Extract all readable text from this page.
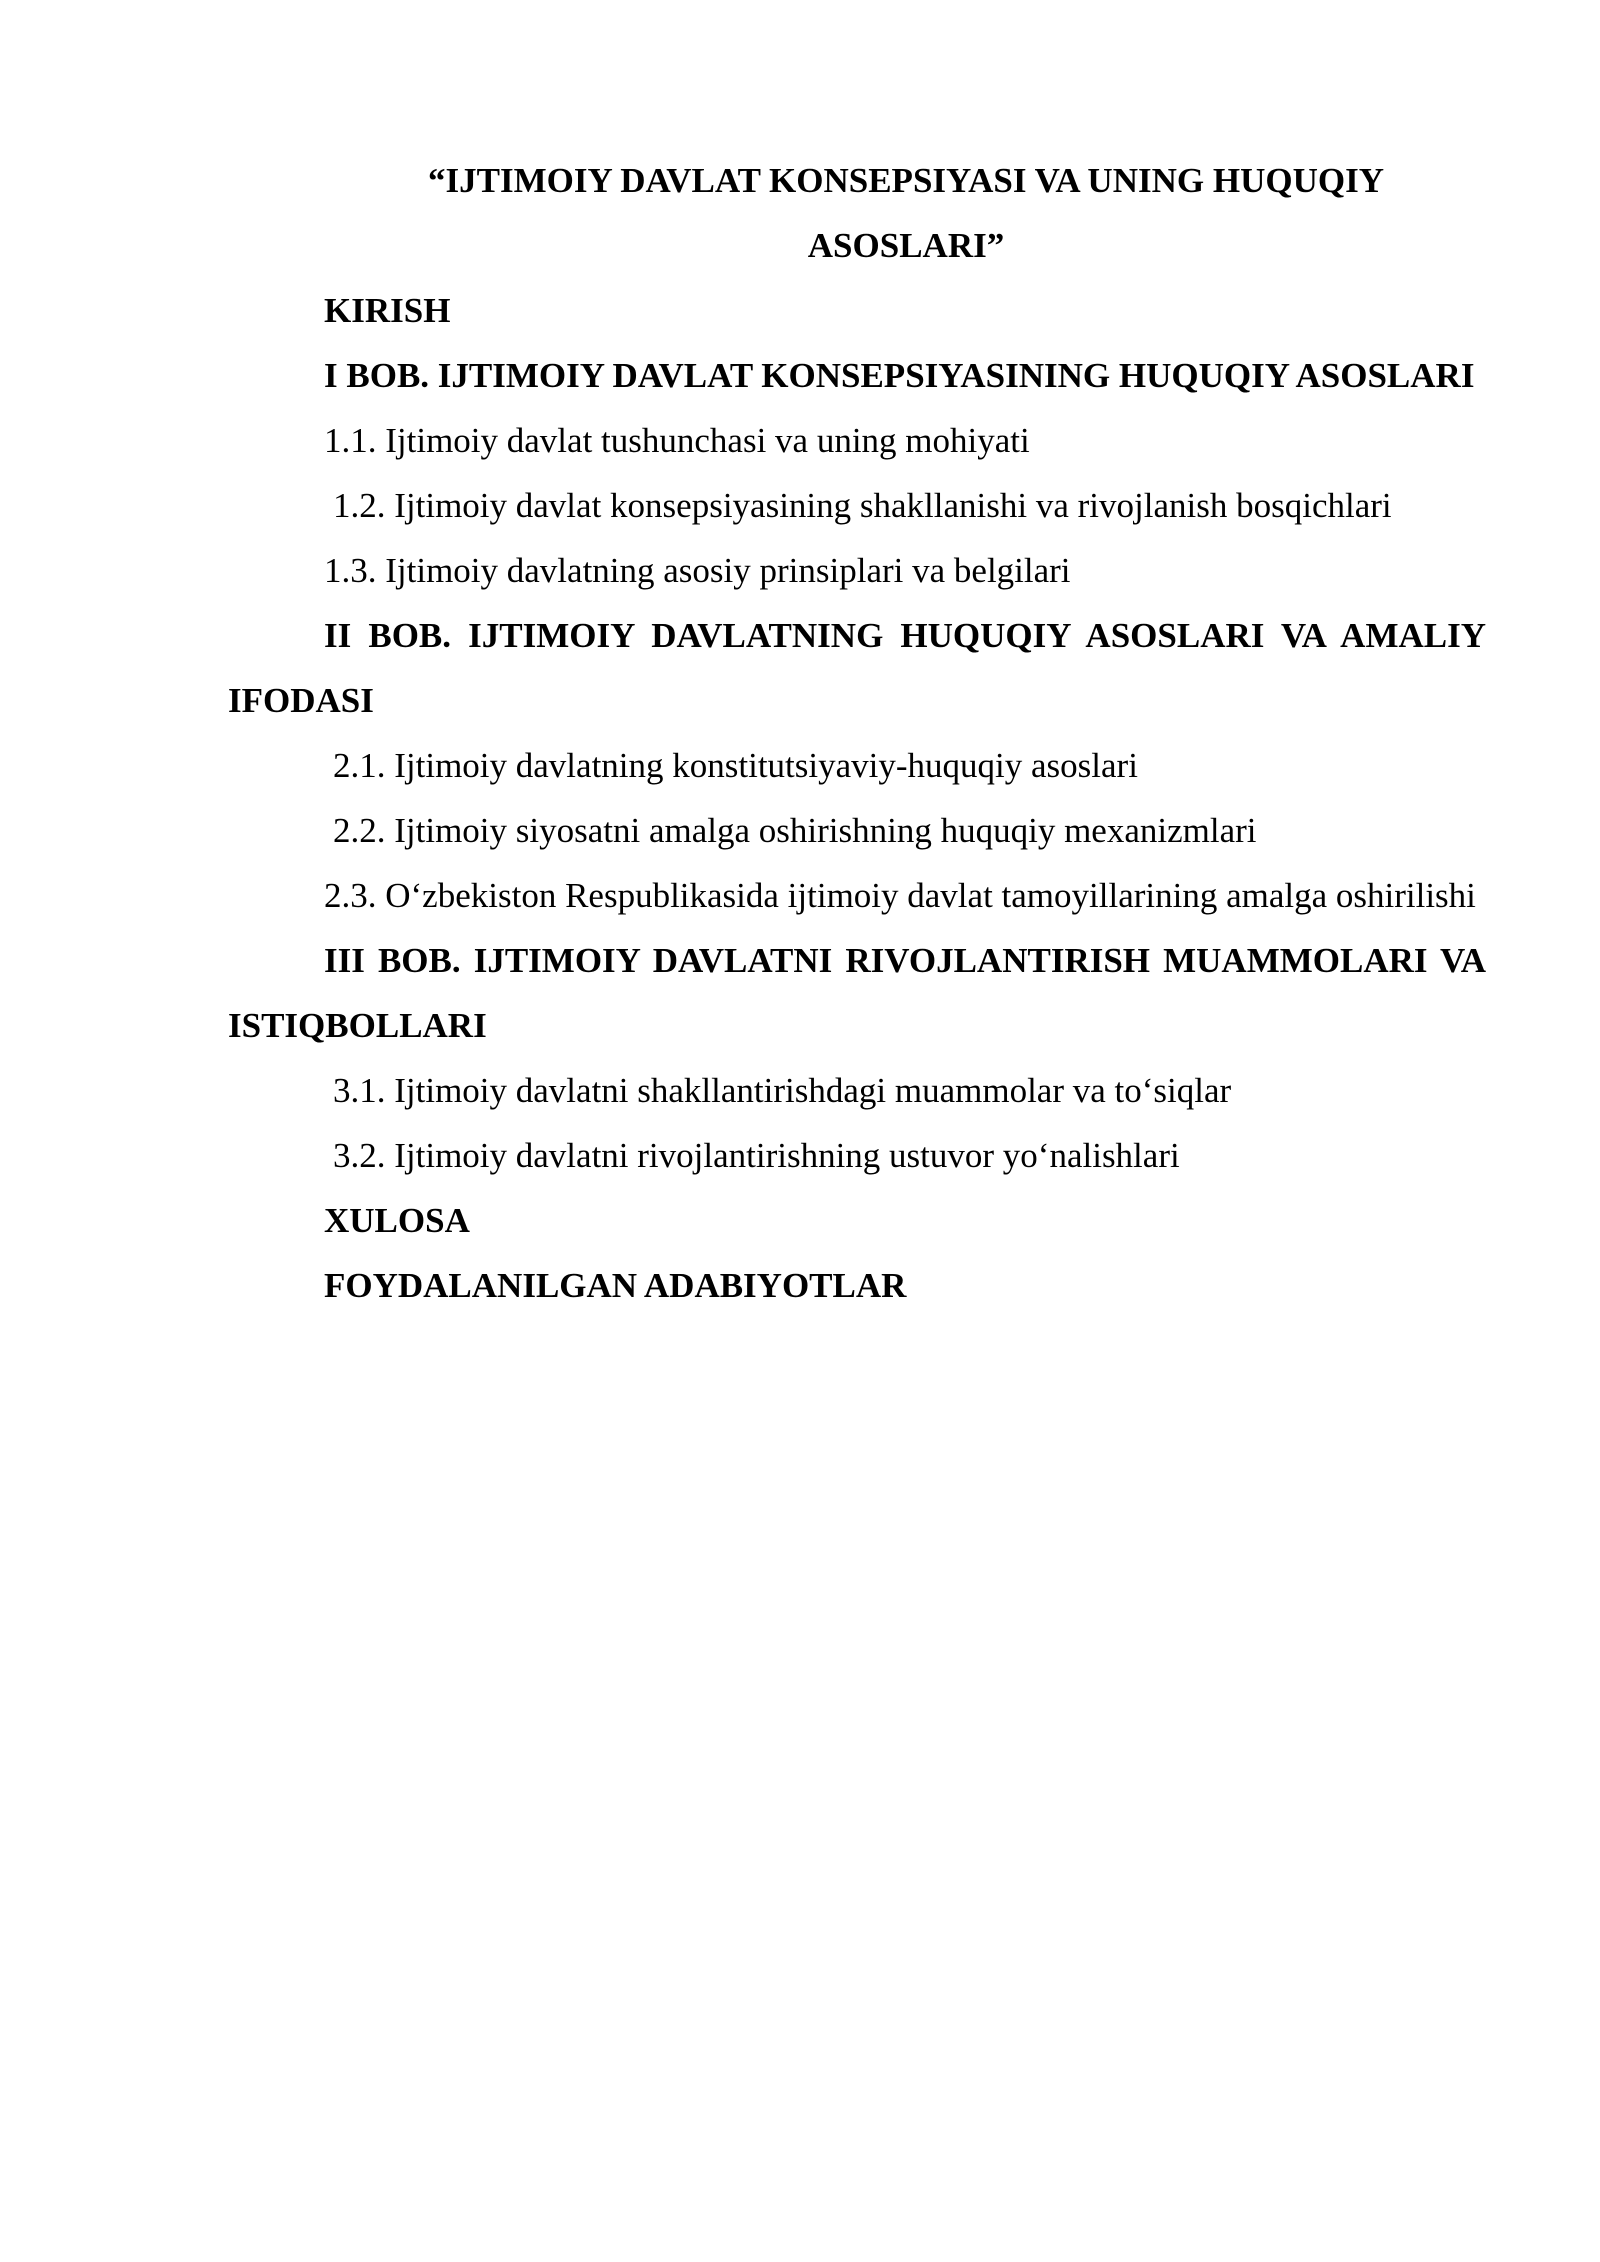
“IJTIMOIY DAVLAT KONSEPSIYASI VA UNING HUQUQIY
ASOSLARI”

KIRISH

I BOB. IJTIMOIY DAVLAT KONSEPSIYASINING HUQUQIY ASOSLARI

1.1. Ijtimoiy davlat tushunchasi va uning mohiyati

1.2. Ijtimoiy davlat konsepsiyasining shakllanishi va rivojlanish bosqichlari

1.3. Ijtimoiy davlatning asosiy prinsiplari va belgilari

II BOB. IJTIMOIY DAVLATNING HUQUQIY ASOSLARI VA AMALIY IFODASI

2.1. Ijtimoiy davlatning konstitutsiyaviy-huquqiy asoslari

2.2. Ijtimoiy siyosatni amalga oshirishning huquqiy mexanizmlari

2.3. O‘zbekiston Respublikasida ijtimoiy davlat tamoyillarining amalga oshirilishi

III BOB. IJTIMOIY DAVLATNI RIVOJLANTIRISH MUAMMOLARI VA ISTIQBOLLARI

3.1. Ijtimoiy davlatni shakllantirishdagi muammolar va to‘siqlar

3.2. Ijtimoiy davlatni rivojlantirishning ustuvor yo‘nalishlari

XULOSA

FOYDALANILGAN ADABIYOTLAR
